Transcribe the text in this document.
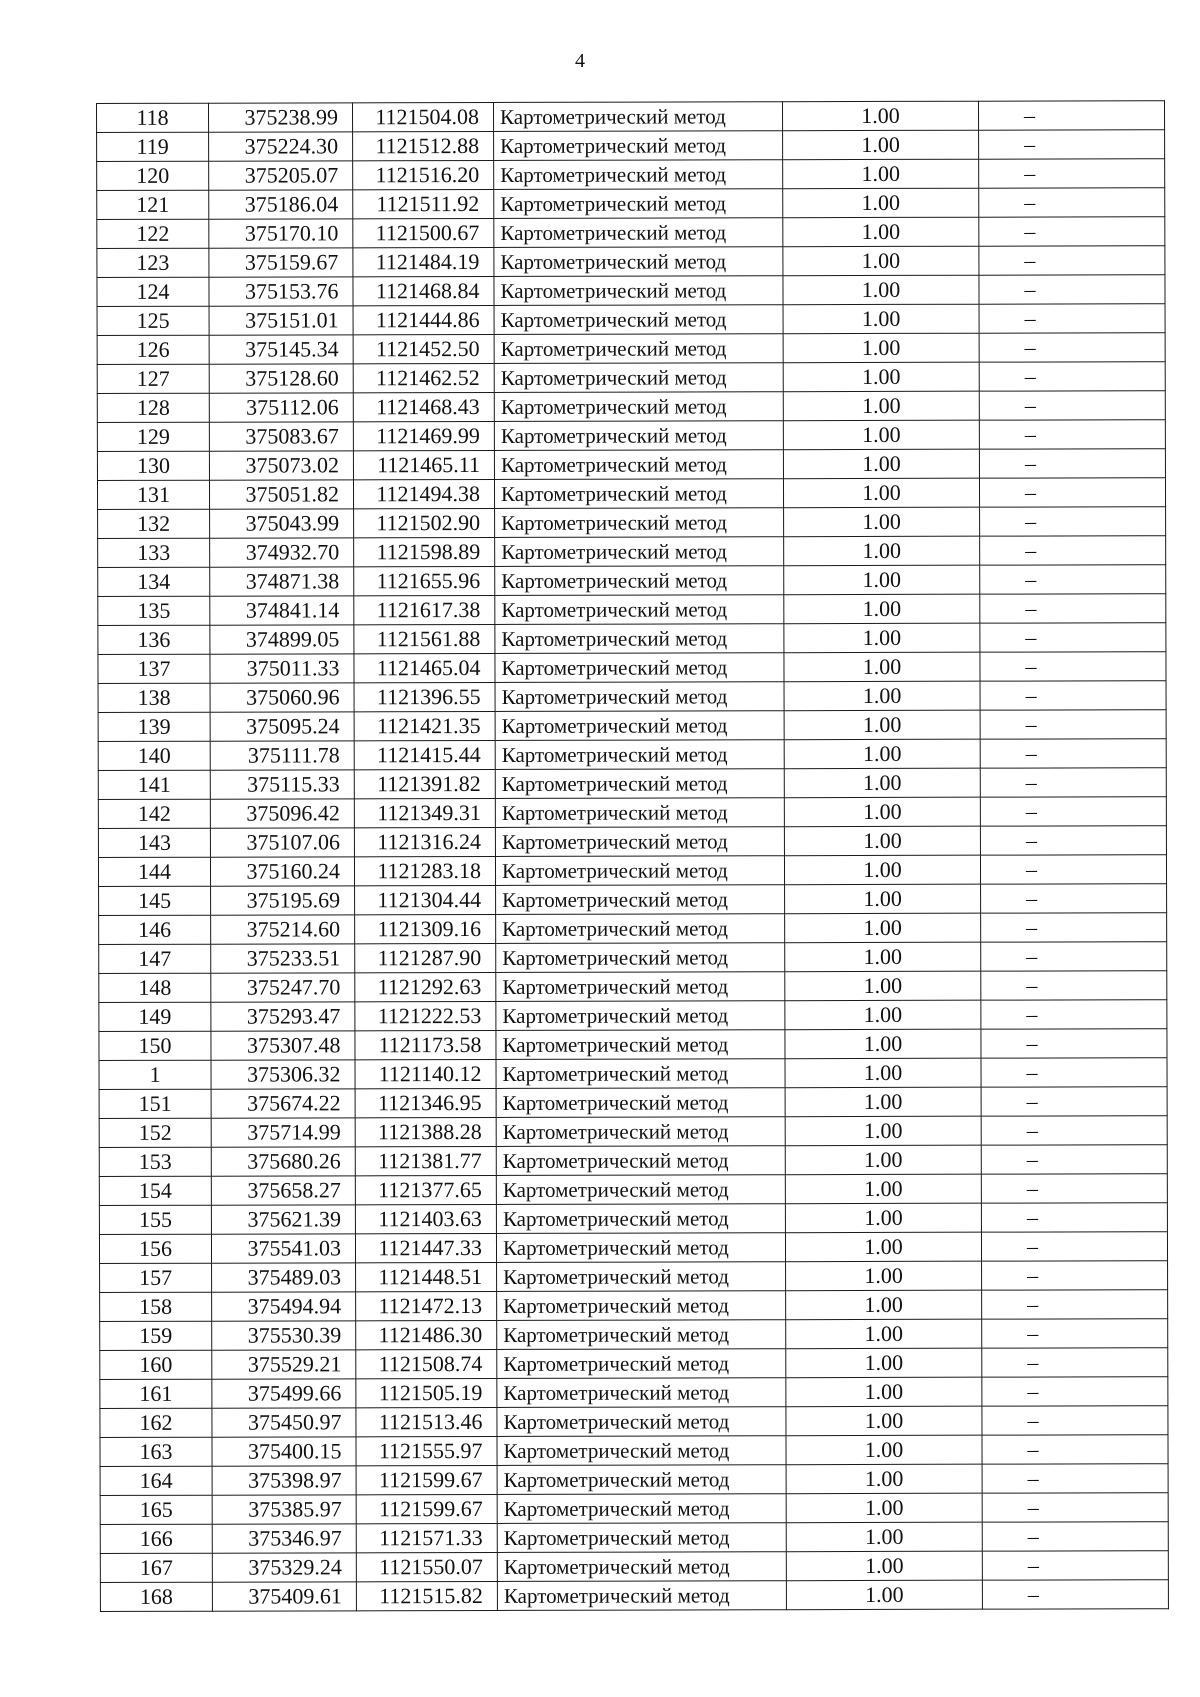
4
118	375238.99	1121504.08	Картометрический метод	1.00	–
119	375224.30	1121512.88	Картометрический метод	1.00	–
120	375205.07	1121516.20	Картометрический метод	1.00	–
121	375186.04	1121511.92	Картометрический метод	1.00	–
122	375170.10	1121500.67	Картометрический метод	1.00	–
123	375159.67	1121484.19	Картометрический метод	1.00	–
124	375153.76	1121468.84	Картометрический метод	1.00	–
125	375151.01	1121444.86	Картометрический метод	1.00	–
126	375145.34	1121452.50	Картометрический метод	1.00	–
127	375128.60	1121462.52	Картометрический метод	1.00	–
128	375112.06	1121468.43	Картометрический метод	1.00	–
129	375083.67	1121469.99	Картометрический метод	1.00	–
130	375073.02	1121465.11	Картометрический метод	1.00	–
131	375051.82	1121494.38	Картометрический метод	1.00	–
132	375043.99	1121502.90	Картометрический метод	1.00	–
133	374932.70	1121598.89	Картометрический метод	1.00	–
134	374871.38	1121655.96	Картометрический метод	1.00	–
135	374841.14	1121617.38	Картометрический метод	1.00	–
136	374899.05	1121561.88	Картометрический метод	1.00	–
137	375011.33	1121465.04	Картометрический метод	1.00	–
138	375060.96	1121396.55	Картометрический метод	1.00	–
139	375095.24	1121421.35	Картометрический метод	1.00	–
140	375111.78	1121415.44	Картометрический метод	1.00	–
141	375115.33	1121391.82	Картометрический метод	1.00	–
142	375096.42	1121349.31	Картометрический метод	1.00	–
143	375107.06	1121316.24	Картометрический метод	1.00	–
144	375160.24	1121283.18	Картометрический метод	1.00	–
145	375195.69	1121304.44	Картометрический метод	1.00	–
146	375214.60	1121309.16	Картометрический метод	1.00	–
147	375233.51	1121287.90	Картометрический метод	1.00	–
148	375247.70	1121292.63	Картометрический метод	1.00	–
149	375293.47	1121222.53	Картометрический метод	1.00	–
150	375307.48	1121173.58	Картометрический метод	1.00	–
1	375306.32	1121140.12	Картометрический метод	1.00	–
151	375674.22	1121346.95	Картометрический метод	1.00	–
152	375714.99	1121388.28	Картометрический метод	1.00	–
153	375680.26	1121381.77	Картометрический метод	1.00	–
154	375658.27	1121377.65	Картометрический метод	1.00	–
155	375621.39	1121403.63	Картометрический метод	1.00	–
156	375541.03	1121447.33	Картометрический метод	1.00	–
157	375489.03	1121448.51	Картометрический метод	1.00	–
158	375494.94	1121472.13	Картометрический метод	1.00	–
159	375530.39	1121486.30	Картометрический метод	1.00	–
160	375529.21	1121508.74	Картометрический метод	1.00	–
161	375499.66	1121505.19	Картометрический метод	1.00	–
162	375450.97	1121513.46	Картометрический метод	1.00	–
163	375400.15	1121555.97	Картометрический метод	1.00	–
164	375398.97	1121599.67	Картометрический метод	1.00	–
165	375385.97	1121599.67	Картометрический метод	1.00	–
166	375346.97	1121571.33	Картометрический метод	1.00	–
167	375329.24	1121550.07	Картометрический метод	1.00	–
168	375409.61	1121515.82	Картометрический метод	1.00	–
